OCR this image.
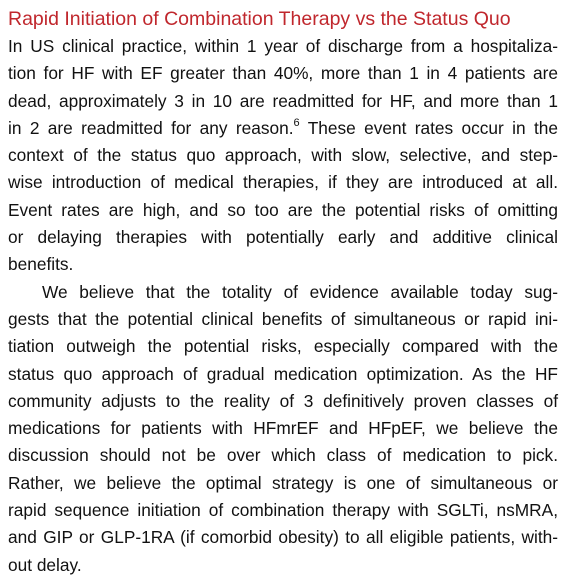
Rapid Initiation of Combination Therapy vs the Status Quo
In US clinical practice, within 1 year of discharge from a hospitaliza-
tion for HF with EF greater than 40%, more than 1 in 4 patients are
dead, approximately 3 in 10 are readmitted for HF, and more than 1
in 2 are readmitted for any reason.$^6$ These event rates occur in the
context of the status quo approach, with slow, selective, and step-
wise introduction of medical therapies, if they are introduced at all.
Event rates are high, and so too are the potential risks of omitting
or delaying therapies with potentially early and additive clinical
benefits.
We believe that the totality of evidence available today sug-
gests that the potential clinical benefits of simultaneous or rapid ini-
tiation outweigh the potential risks, especially compared with the
status quo approach of gradual medication optimization. As the HF
community adjusts to the reality of 3 definitively proven classes of
medications for patients with HFmrEF and HFpEF, we believe the
discussion should not be over which class of medication to pick.
Rather, we believe the optimal strategy is one of simultaneous or
rapid sequence initiation of combination therapy with SGLTi, nsMRA,
and GIP or GLP-1RA (if comorbid obesity) to all eligible patients, with-
out delay.
